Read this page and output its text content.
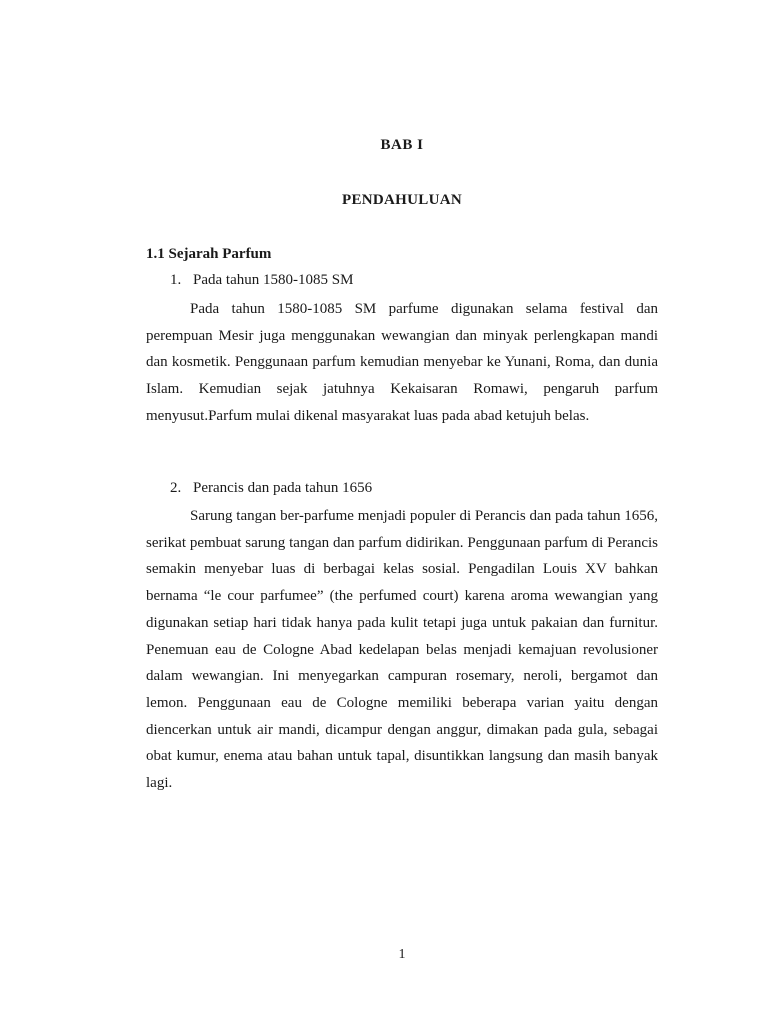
BAB I
PENDAHULUAN
1.1 Sejarah Parfum
1. Pada tahun 1580-1085 SM

Pada tahun 1580-1085 SM parfume digunakan selama festival dan perempuan Mesir juga menggunakan wewangian dan minyak perlengkapan mandi dan kosmetik. Penggunaan parfum kemudian menyebar ke Yunani, Roma, dan dunia Islam. Kemudian sejak jatuhnya Kekaisaran Romawi, pengaruh parfum menyusut.Parfum mulai dikenal masyarakat luas pada abad ketujuh belas.

2. Perancis dan pada tahun 1656

Sarung tangan ber-parfume menjadi populer di Perancis dan pada tahun 1656, serikat pembuat sarung tangan dan parfum didirikan. Penggunaan parfum di Perancis semakin menyebar luas di berbagai kelas sosial. Pengadilan Louis XV bahkan bernama “le cour parfumee” (the perfumed court) karena aroma wewangian yang digunakan setiap hari tidak hanya pada kulit tetapi juga untuk pakaian dan furnitur. Penemuan eau de Cologne Abad kedelapan belas menjadi kemajuan revolusioner dalam wewangian. Ini menyegarkan campuran rosemary, neroli, bergamot dan lemon. Penggunaan eau de Cologne memiliki beberapa varian yaitu dengan diencerkan untuk air mandi, dicampur dengan anggur, dimakan pada gula, sebagai obat kumur, enema atau bahan untuk tapal, disuntikkan langsung dan masih banyak lagi.

1
